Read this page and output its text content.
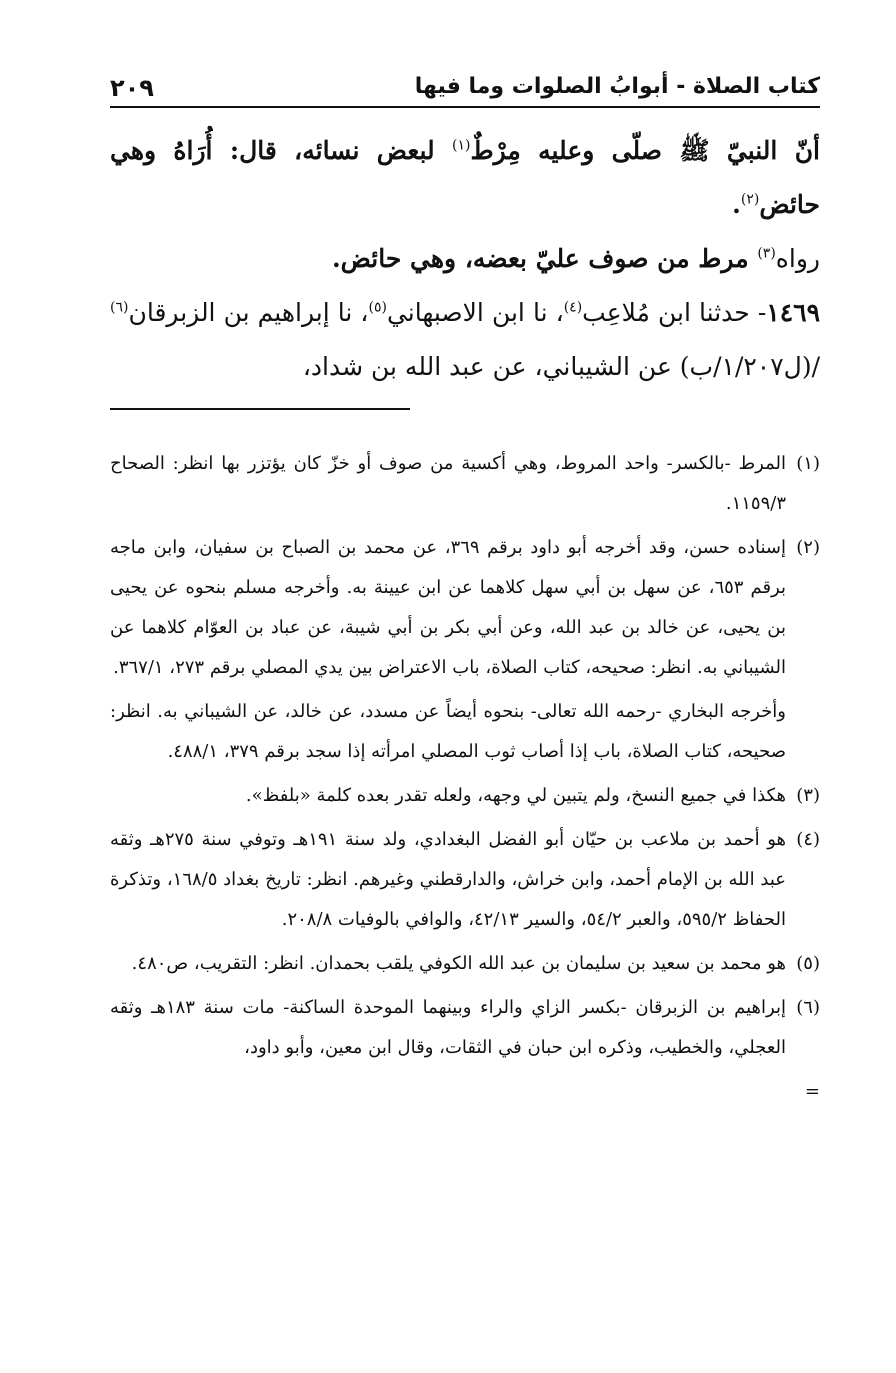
كتاب الصلاة - أبوابُ الصلوات وما فيها
٢٠٩

أنّ النبيّ ﷺ صلّى وعليه مِرْطٌ$^{(١)}$ لبعض نسائه، قال: أُرَاهُ وهي حائض$^{(٢)}$.

رواه$^{(٣)}$ مرط من صوف عليّ بعضه، وهي حائض.

١٤٦٩- حدثنا ابن مُلاعِب$^{(٤)}$، نا ابن الاصبهاني$^{(٥)}$، نا إبراهيم بن الزبرقان$^{(٦)}$ /(ل١/٢٠٧/ب) عن الشيباني، عن عبد الله بن شداد،

(١)المرط -بالكسر- واحد المروط، وهي أكسية من صوف أو خزّ كان يؤتزر بها انظر: الصحاح ١١٥٩/٣.

(٢)إسناده حسن، وقد أخرجه أبو داود برقم ٣٦٩، عن محمد بن الصباح بن سفيان، وابن ماجه برقم ٦٥٣، عن سهل بن أبي سهل كلاهما عن ابن عيينة به. وأخرجه مسلم بنحوه عن يحيى بن يحيى، عن خالد بن عبد الله، وعن أبي بكر بن أبي شيبة، عن عباد بن العوّام كلاهما عن الشيباني به. انظر: صحيحه، كتاب الصلاة، باب الاعتراض بين يدي المصلي برقم ٢٧٣، ٣٦٧/١.

وأخرجه البخاري -رحمه الله تعالى- بنحوه أيضاً عن مسدد، عن خالد، عن الشيباني به. انظر: صحيحه، كتاب الصلاة، باب إذا أصاب ثوب المصلي امرأته إذا سجد برقم ٣٧٩، ٤٨٨/١.

(٣)هكذا في جميع النسخ، ولم يتبين لي وجهه، ولعله تقدر بعده كلمة «بلفظ».

(٤)هو أحمد بن ملاعب بن حيّان أبو الفضل البغدادي، ولد سنة ١٩١هـ وتوفي سنة ٢٧٥هـ وثقه عبد الله بن الإمام أحمد، وابن خراش، والدارقطني وغيرهم. انظر: تاريخ بغداد ١٦٨/٥، وتذكرة الحفاظ ٥٩٥/٢، والعبر ٥٤/٢، والسير ٤٢/١٣، والوافي بالوفيات ٢٠٨/٨.

(٥)هو محمد بن سعيد بن سليمان بن عبد الله الكوفي يلقب بحمدان. انظر: التقريب، ص٤٨٠.

(٦)إبراهيم بن الزبرقان -بكسر الزاي والراء وبينهما الموحدة الساكنة- مات سنة ١٨٣هـ وثقه العجلي، والخطيب، وذكره ابن حبان في الثقات، وقال ابن معين، وأبو داود،

=
